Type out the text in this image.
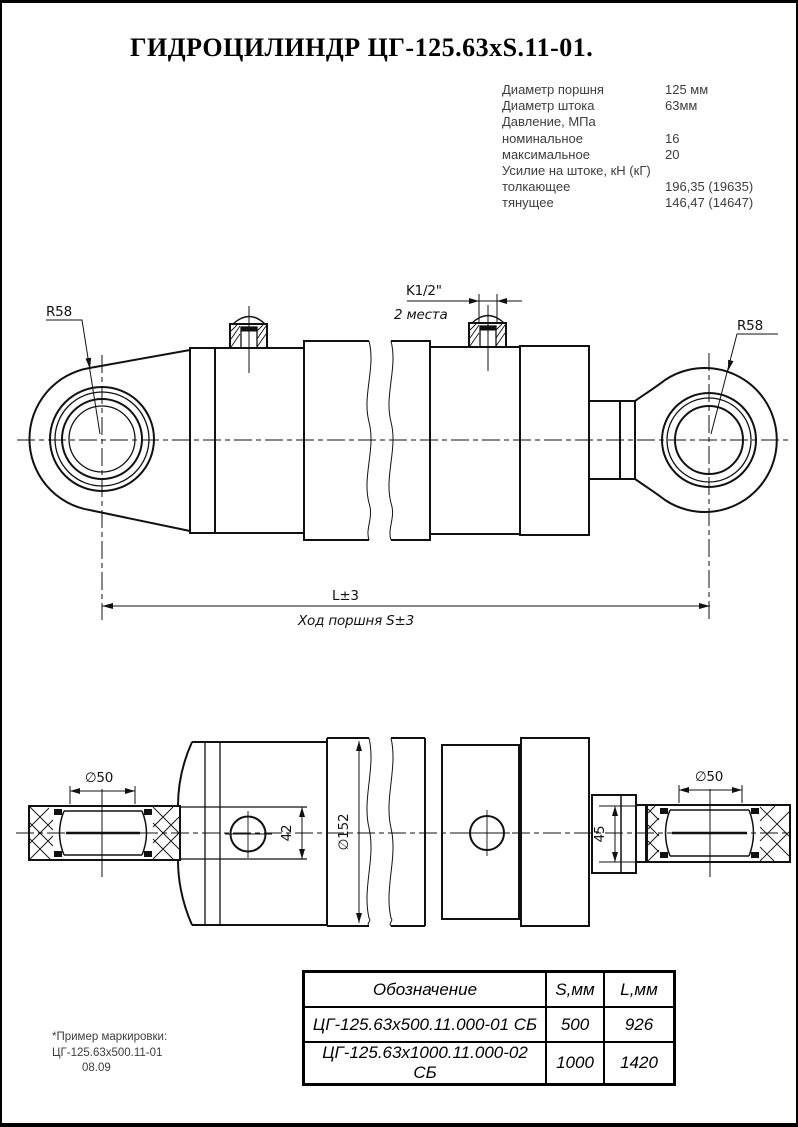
ГИДРОЦИЛИНДР ЦГ-125.63хS.11-01.
Диаметр поршня	125 мм
Диаметр штока	63мм
Давление, МПа
номинальное	16
максимальное	20
Усилие на штоке, кН (кГ)
толкающее	196,35 (19635)
тянущее	146,47 (14647)
K1/2"
2 места
R58
R58
L±3
Ход поршня S±3
∅50
42	∅152	45
∅50
Обозначение	S,мм	L,мм
ЦГ-125.63х500.11.000-01 СБ	500	926
ЦГ-125.63х1000.11.000-02 СБ	1000	1420
*Пример маркировки:
ЦГ-125.63х500.11-01
08.09
